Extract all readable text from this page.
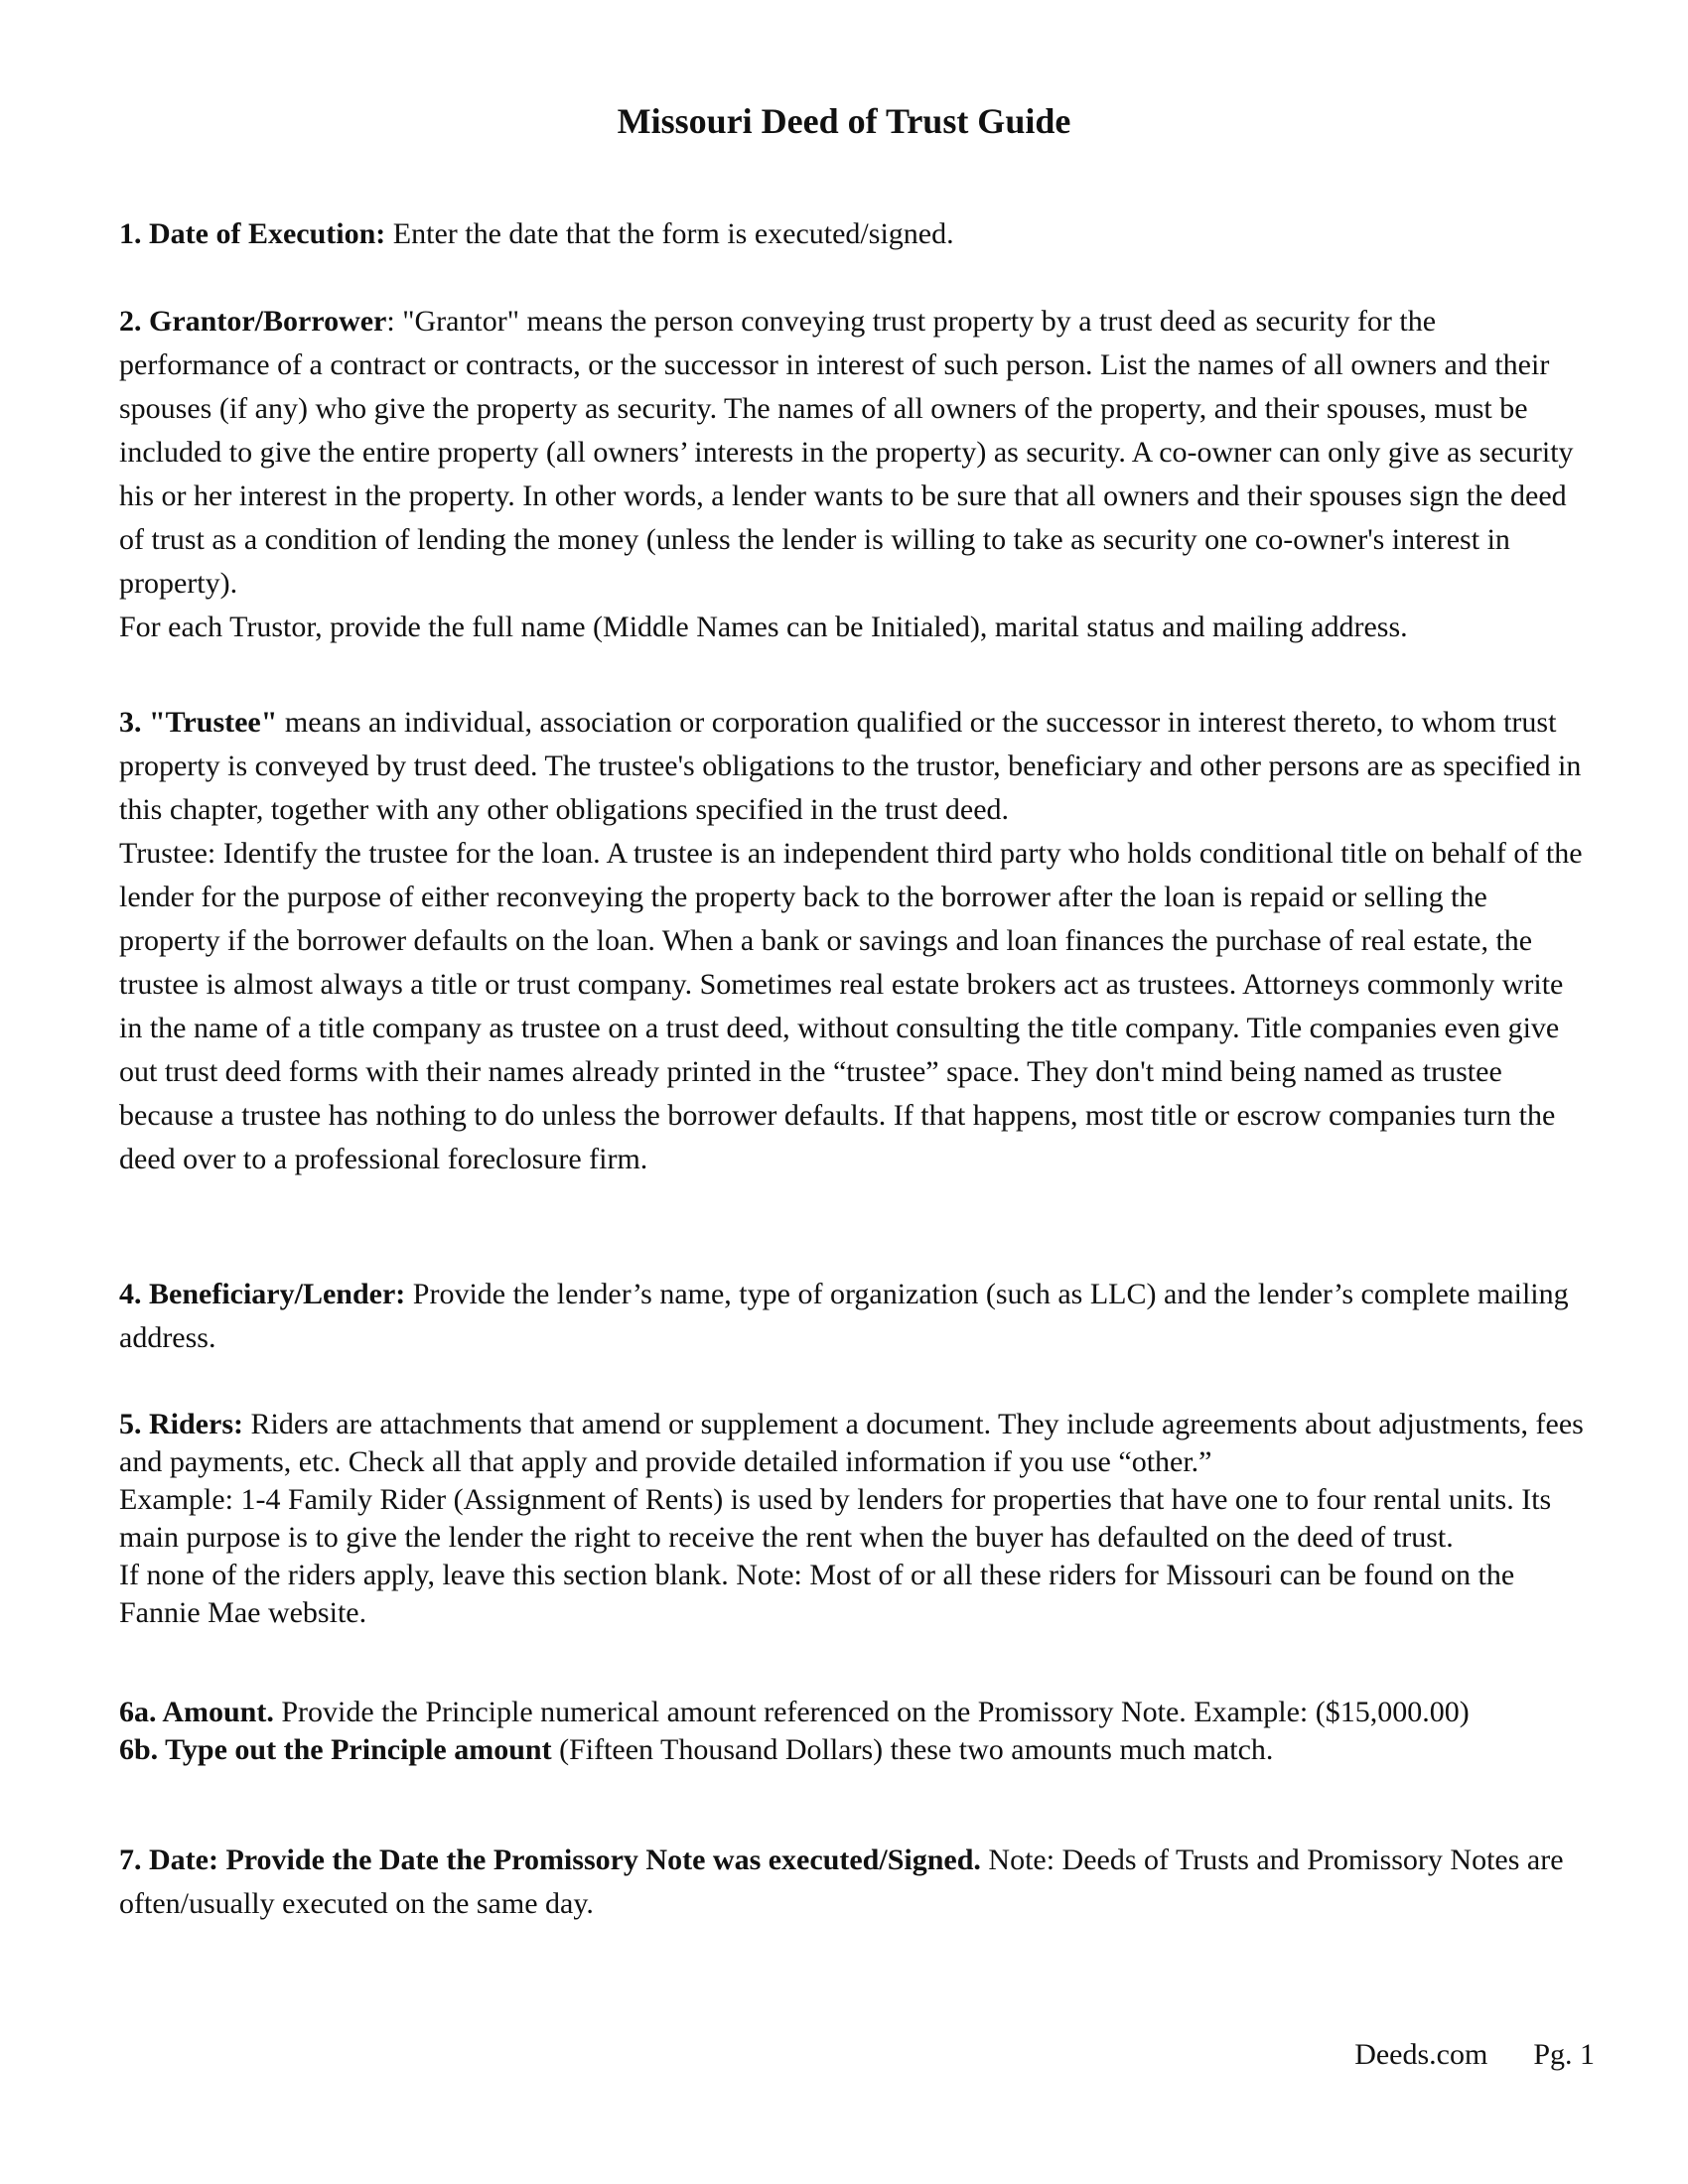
Missouri Deed of Trust Guide

1. Date of Execution: Enter the date that the form is executed/signed.

2. Grantor/Borrower: "Grantor" means the person conveying trust property by a trust deed as security for the performance of a contract or contracts, or the successor in interest of such person. List the names of all owners and their spouses (if any) who give the property as security. The names of all owners of the property, and their spouses, must be included to give the entire property (all owners’ interests in the property) as security. A co-owner can only give as security his or her interest in the property. In other words, a lender wants to be sure that all owners and their spouses sign the deed of trust as a condition of lending the money (unless the lender is willing to take as security one co-owner's interest in property).

For each Trustor, provide the full name (Middle Names can be Initialed), marital status and mailing address.

3. "Trustee" means an individual, association or corporation qualified or the successor in interest thereto, to whom trust property is conveyed by trust deed. The trustee's obligations to the trustor, beneficiary and other persons are as specified in this chapter, together with any other obligations specified in the trust deed.

Trustee: Identify the trustee for the loan. A trustee is an independent third party who holds conditional title on behalf of the lender for the purpose of either reconveying the property back to the borrower after the loan is repaid or selling the property if the borrower defaults on the loan. When a bank or savings and loan finances the purchase of real estate, the trustee is almost always a title or trust company. Sometimes real estate brokers act as trustees. Attorneys commonly write in the name of a title company as trustee on a trust deed, without consulting the title company. Title companies even give out trust deed forms with their names already printed in the “trustee” space. They don't mind being named as trustee because a trustee has nothing to do unless the borrower defaults. If that happens, most title or escrow companies turn the deed over to a professional foreclosure firm.

4. Beneficiary/Lender: Provide the lender’s name, type of organization (such as LLC) and the lender’s complete mailing address.

5. Riders: Riders are attachments that amend or supplement a document. They include agreements about adjustments, fees and payments, etc. Check all that apply and provide detailed information if you use “other.”

Example: 1-4 Family Rider (Assignment of Rents) is used by lenders for properties that have one to four rental units. Its main purpose is to give the lender the right to receive the rent when the buyer has defaulted on the deed of trust.

If none of the riders apply, leave this section blank. Note: Most of or all these riders for Missouri can be found on the Fannie Mae website.

6a. Amount. Provide the Principle numerical amount referenced on the Promissory Note. Example: ($15,000.00)

6b. Type out the Principle amount (Fifteen Thousand Dollars) these two amounts much match.

7. Date: Provide the Date the Promissory Note was executed/Signed. Note: Deeds of Trusts and Promissory Notes are often/usually executed on the same day.

Deeds.com Pg. 1
